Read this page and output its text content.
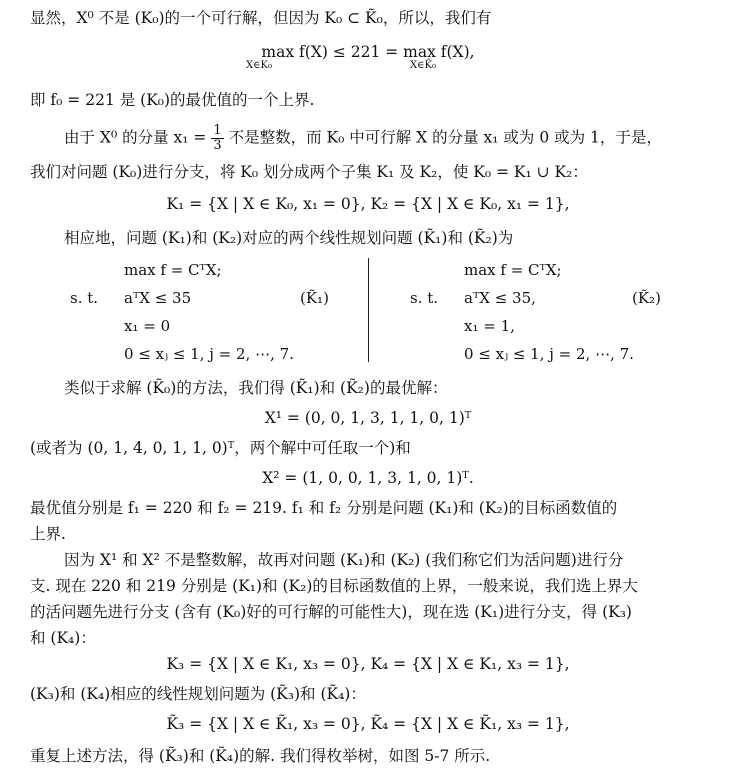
显然，X⁰ 不是 (K₀)的一个可行解，但因为 K₀ ⊂ K̃₀，所以，我们有
max f(X) ≤ 221 = max f(X),
X∈K₀	X∈K̃₀
即 f₀ = 221 是 (K₀)的最优值的一个上界.
由于 X⁰ 的分量 $x_1 = \frac{1}{3}$ 不是整数，而 K₀ 中可行解 X 的分量 x₁ 或为 0 或为 1，于是，
我们对问题 (K₀)进行分支，将 K₀ 划分成两个子集 K₁ 及 K₂，使 K₀ = K₁ ∪ K₂：
K₁ = {X | X ∈ K₀, x₁ = 0}, K₂ = {X | X ∈ K₀, x₁ = 1},
相应地，问题 (K₁)和 (K₂)对应的两个线性规划问题 (K̃₁)和 (K̃₂)为
max f = CᵀX;
s. t. aᵀX ≤ 35	(K̃₁)
x₁ = 0
0 ≤ xⱼ ≤ 1, j = 2, ⋯, 7.
max f = CᵀX;
s. t. aᵀX ≤ 35,	(K̃₂)
x₁ = 1,
0 ≤ xⱼ ≤ 1, j = 2, ⋯, 7.
类似于求解 (K̃₀)的方法，我们得 (K̃₁)和 (K̃₂)的最优解：
X¹ = (0, 0, 1, 3, 1, 1, 0, 1)ᵀ
(或者为 (0, 1, 4, 0, 1, 1, 0)ᵀ，两个解中可任取一个)和
X² = (1, 0, 0, 1, 3, 1, 0, 1)ᵀ.
最优值分别是 f₁ = 220 和 f₂ = 219. f₁ 和 f₂ 分别是问题 (K₁)和 (K₂)的目标函数值的
上界.
因为 X¹ 和 X² 不是整数解，故再对问题 (K₁)和 (K₂) (我们称它们为活问题)进行分
支. 现在 220 和 219 分别是 (K₁)和 (K₂)的目标函数值的上界，一般来说，我们选上界大
的活问题先进行分支 (含有 (K₀)好的可行解的可能性大)，现在选 (K₁)进行分支，得 (K₃)
和 (K₄)：
K₃ = {X | X ∈ K₁, x₃ = 0}, K₄ = {X | X ∈ K₁, x₃ = 1},
(K₃)和 (K₄)相应的线性规划问题为 (K̃₃)和 (K̃₄)：
K̃₃ = {X | X ∈ K̃₁, x₃ = 0}, K̃₄ = {X | X ∈ K̃₁, x₃ = 1},
重复上述方法，得 (K̃₃)和 (K̃₄)的解. 我们得枚举树，如图 5-7 所示.
